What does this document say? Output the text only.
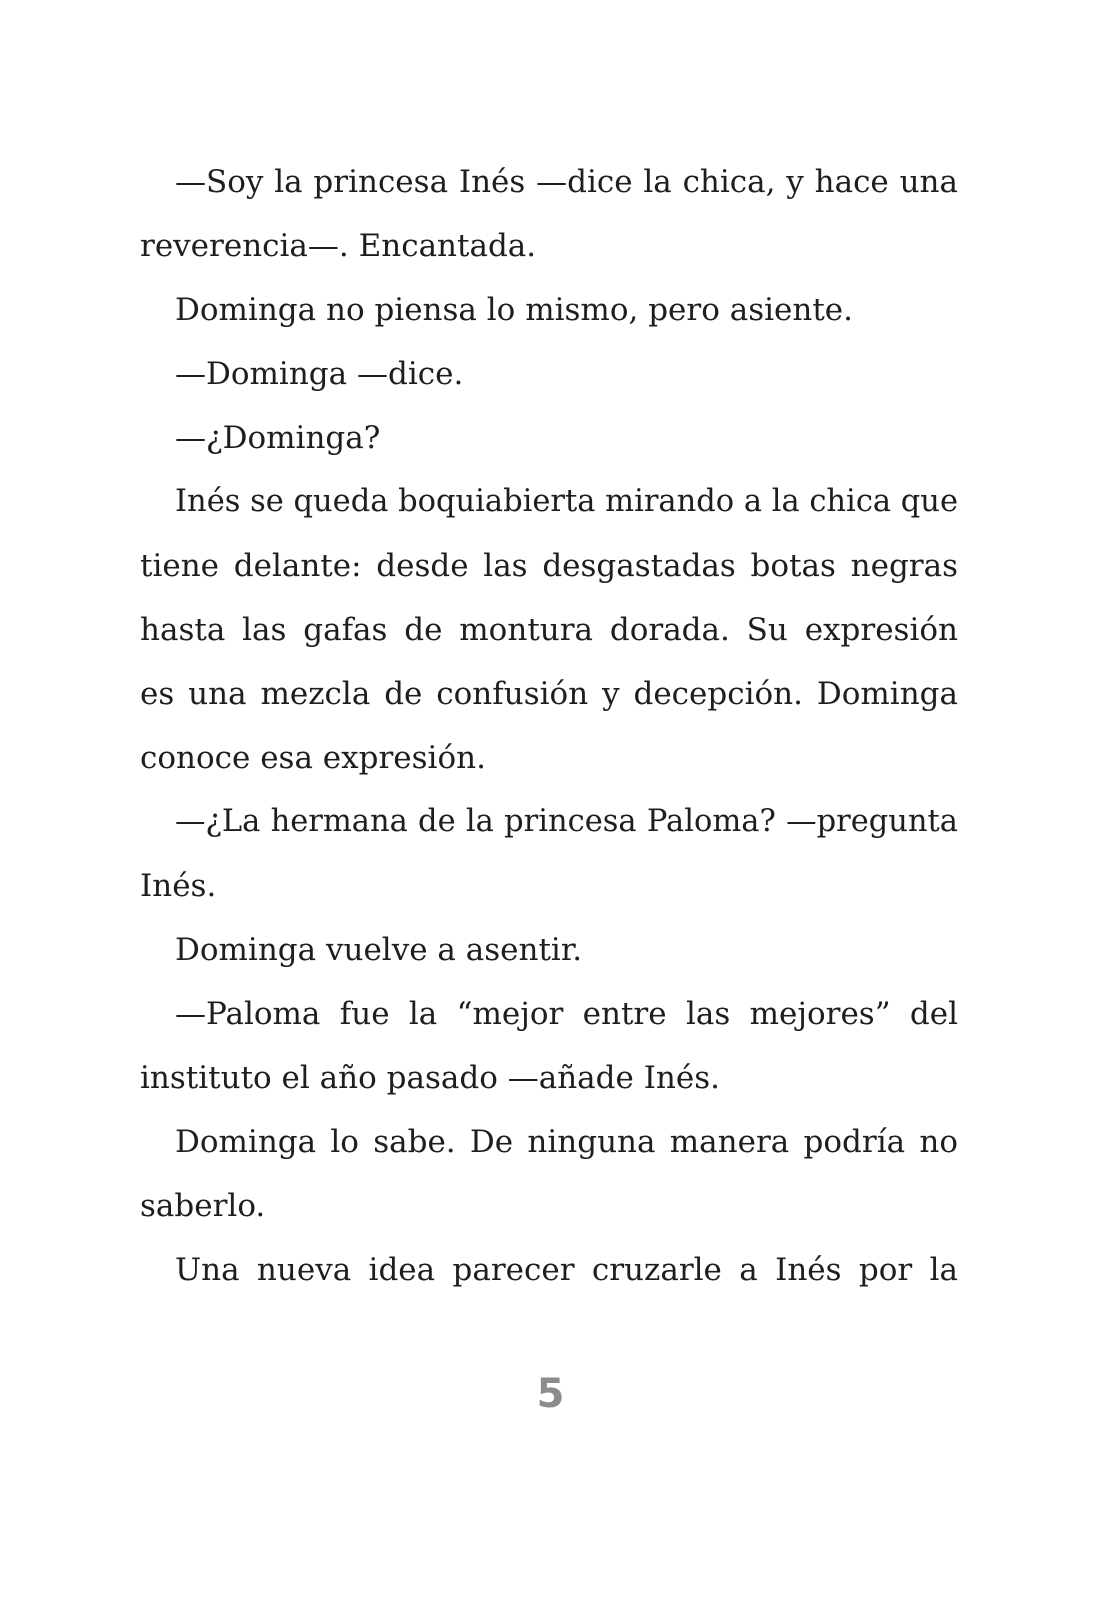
—Soy la princesa Inés —dice la chica, y hace una
reverencia—. Encantada.
Dominga no piensa lo mismo, pero asiente.
—Dominga —dice.
—¿Dominga?
Inés se queda boquiabierta mirando a la chica que
tiene delante: desde las desgastadas botas negras
hasta las gafas de montura dorada. Su expresión
es una mezcla de confusión y decepción. Dominga
conoce esa expresión.
—¿La hermana de la princesa Paloma? —pregunta
Inés.
Dominga vuelve a asentir.
—Paloma fue la “mejor entre las mejores” del
instituto el año pasado —añade Inés.
Dominga lo sabe. De ninguna manera podría no
saberlo.
Una nueva idea parecer cruzarle a Inés por la
5
